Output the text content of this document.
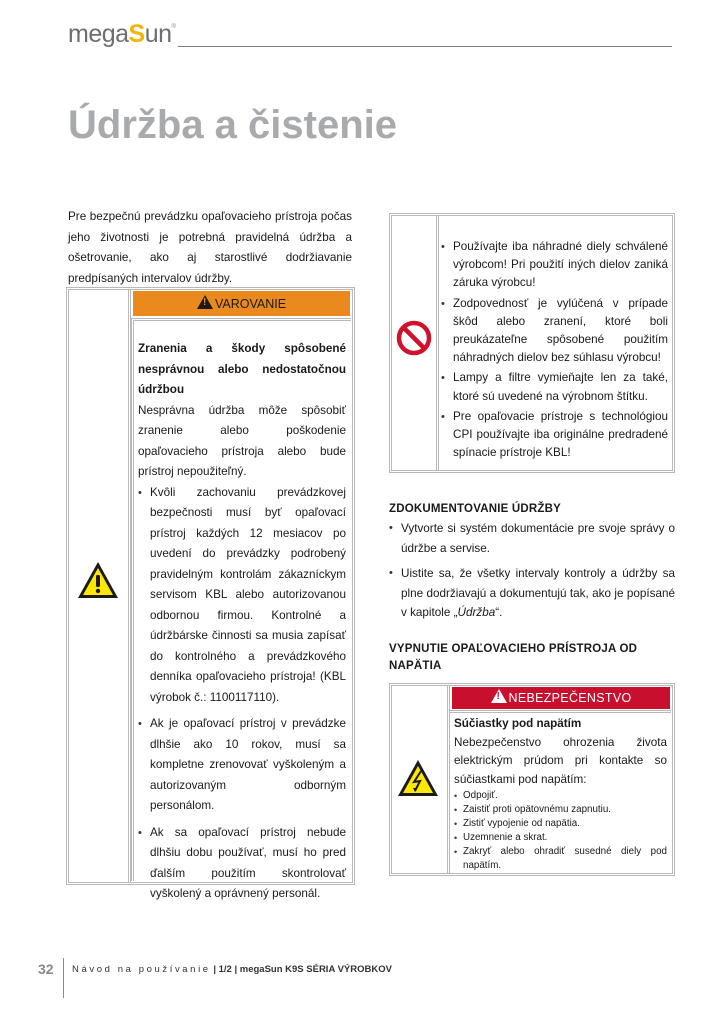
megaSun®
Údržba a čistenie

Pre bezpečnú prevádzku opaľovacieho prístroja počas jeho životnosti je potrebná pravidelná údržba a ošetrovanie, ako aj starostlivé dodržiavanie predpísaných intervalov údržby.

!VAROVANIE
Zranenia a škody spôsobené nesprávnou alebo nedostatočnou údržbou
Nesprávna údržba môže spôsobiť zranenie alebo poškodenie opaľovacieho prístroja alebo bude prístroj nepoužiteľný.
• Kvôli zachovaniu prevádzkovej bezpečnosti musí byť opaľovací prístroj každých 12 mesiacov po uvedení do prevádzky podrobený pravidelným kontrolám zákazníckym servisom KBL alebo autorizovanou odbornou firmou. Kontrolné a údržbárske činnosti sa musia zapísať do kontrolného a prevádzkového denníka opaľovacieho prístroja! (KBL výrobok č.: 1100117110).
• Ak je opaľovací prístroj v prevádzke dlhšie ako 10 rokov, musí sa kompletne zrenovovať vyškoleným a autorizovaným odborným personálom.
• Ak sa opaľovací prístroj nebude dlhšiu dobu používať, musí ho pred ďalším použitím skontrolovať vyškolený a oprávnený personál.
• Používajte iba náhradné diely schválené výrobcom! Pri použití iných dielov zaniká záruka výrobcu!
• Zodpovednosť je vylúčená v prípade škôd alebo zranení, ktoré boli preukázateľne spôsobené použitím náhradných dielov bez súhlasu výrobcu!
• Lampy a filtre vymieňajte len za také, ktoré sú uvedené na výrobnom štítku.
• Pre opaľovacie prístroje s technológiou CPI používajte iba originálne predradené spínacie prístroje KBL!
ZDOKUMENTOVANIE ÚDRŽBY
• Vytvorte si systém dokumentácie pre svoje správy o údržbe a servise.
• Uistite sa, že všetky intervaly kontroly a údržby sa plne dodržiavajú a dokumentujú tak, ako je popísané v kapitole „Údržba“.
VYPNUTIE OPAĽOVACIEHO PRÍSTROJA OD NAPÄTIA
!NEBEZPEČENSTVO
Súčiastky pod napätím
Nebezpečenstvo ohrozenia života elektrickým prúdom pri kontakte so súčiastkami pod napätím:
• Odpojiť.
• Zaistiť proti opätovnému zapnutiu.
• Zistiť vypojenie od napätia.
• Uzemnenie a skrat.
• Zakryť alebo ohradiť susedné diely pod napätím.
32 Návod na používanie | 1/2 | megaSun K9S SÉRIA VÝROBKOV
